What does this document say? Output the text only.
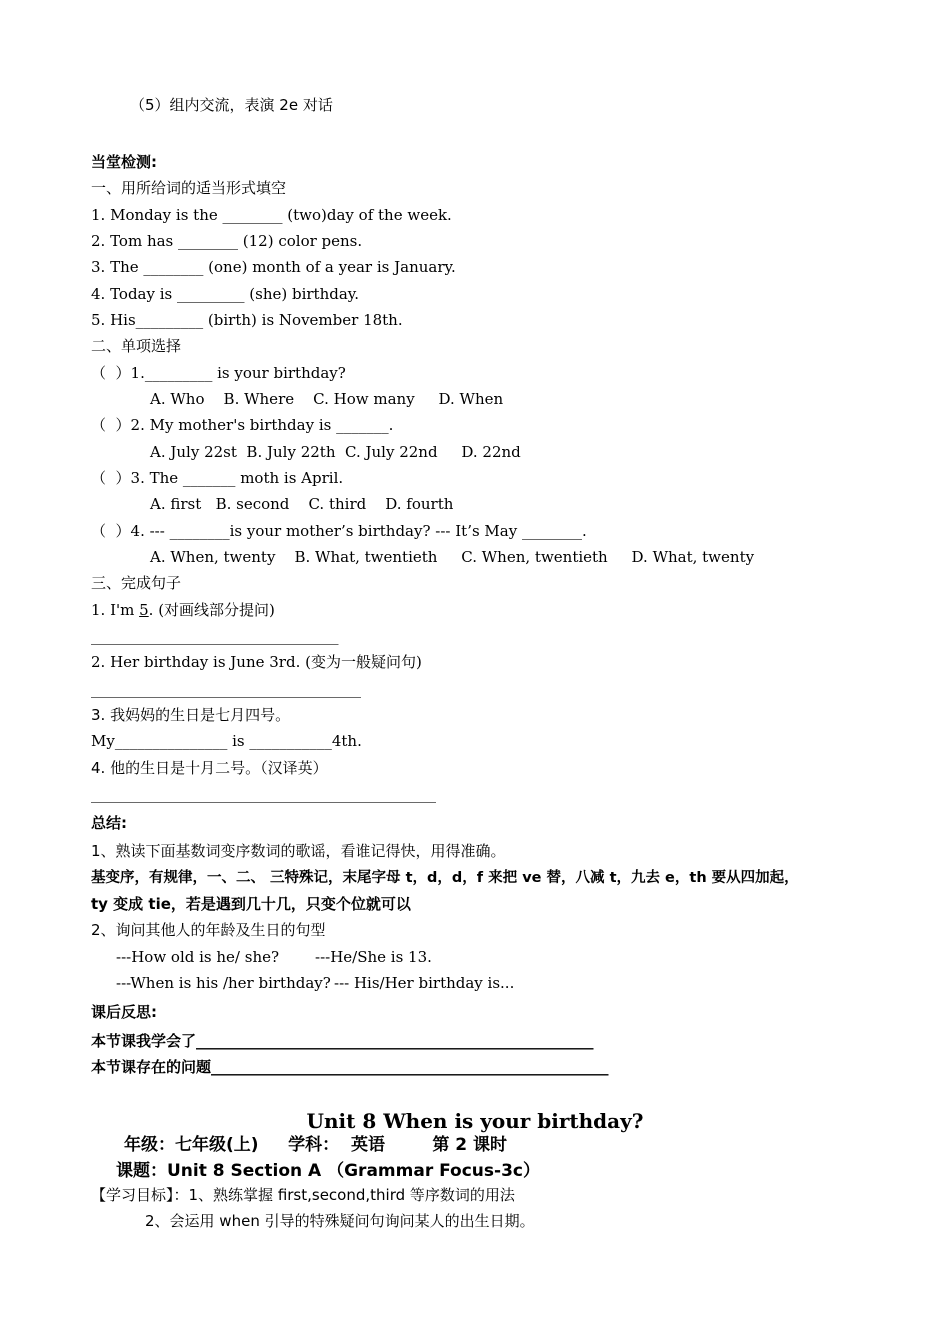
（5）组内交流，表演 2e 对话
当堂检测:
一、用所给词的适当形式填空
1. Monday is the ________ (two)day of the week.
2. Tom has ________ (12) color pens.
3. The ________ (one) month of a year is January.
4. Today is _________ (she) birthday.
5. His_________ (birth) is November 18th.
二、单项选择
（  ）1._________ is your birthday?
A. Who    B. Where    C. How many     D. When
（  ）2. My mother's birthday is _______.
A. July 22st  B. July 22th  C. July 22nd     D. 22nd
（  ）3. The _______ moth is April.
A. first   B. second    C. third    D. fourth
（  ）4. --- ________is your mother’s birthday? --- It’s May ________.
A. When, twenty    B. What, twentieth     C. When, twentieth     D. What, twenty
三、完成句子
1. I'm 5. (对画线部分提问)
_________________________________
2. Her birthday is June 3rd. (变为一般疑问句)
____________________________________
3. 我妈妈的生日是七月四号。
My_______________ is ___________4th.
4. 他的生日是十月二号。（汉译英）
______________________________________________
总结:
1、熟读下面基数词变序数词的歌谣，看谁记得快，用得准确。
基变序，有规律，一、二、 三特殊记，末尾字母 t，d，d，f 来把 ve 替，八减 t，九去 e，th 要从四加起，
ty 变成 tie，若是遇到几十几，只变个位就可以
2、询问其他人的年龄及生日的句型
---How old is he/ she? ---He/She is 13.
---When is his /her birthday? --- His/Her birthday is...
课后反思:
本节课我学会了_____________________________________________________
本节课存在的问题_____________________________________________________
Unit 8 When is your birthday?
年级：七年级(上)     学科：  英语        第 2 课时
课题：Unit 8 Section A （Grammar Focus-3c）
【学习目标】：1、熟练掌握 first,second,third 等序数词的用法
2、会运用 when 引导的特殊疑问句询问某人的出生日期。
